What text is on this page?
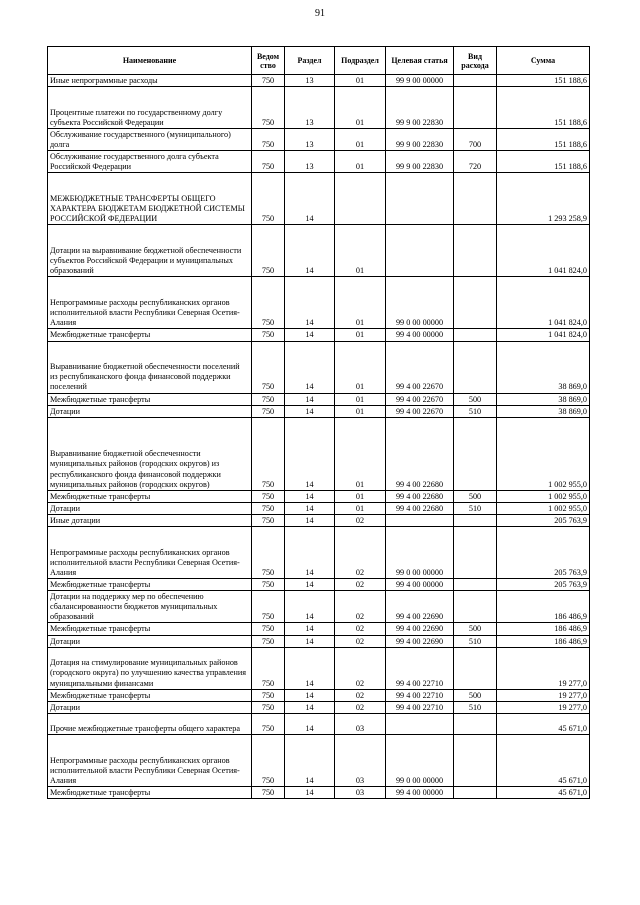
91
Наименование	Ведом ство	Раздел	Подраздел	Целевая статья	Вид расхода	Сумма
Иные непрограммные расходы	750	13	01	99 9 00 00000		151 188,6
Процентные платежи по государственному долгу субъекта Российской Федерации	750	13	01	99 9 00 22830		151 188,6
Обслуживание государственного (муниципального) долга	750	13	01	99 9 00 22830	700	151 188,6
Обслуживание государственного долга субъекта Российской Федерации	750	13	01	99 9 00 22830	720	151 188,6
МЕЖБЮДЖЕТНЫЕ ТРАНСФЕРТЫ ОБЩЕГО ХАРАКТЕРА БЮДЖЕТАМ БЮДЖЕТНОЙ СИСТЕМЫ РОССИЙСКОЙ ФЕДЕРАЦИИ	750	14				1 293 258,9
Дотации на выравнивание бюджетной обеспеченности субъектов Российской Федерации и муниципальных образований	750	14	01			1 041 824,0
Непрограммные расходы республиканских органов исполнительной власти Республики Северная Осетия-Алания	750	14	01	99 0 00 00000		1 041 824,0
Межбюджетные трансферты	750	14	01	99 4 00 00000		1 041 824,0
Выравнивание бюджетной обеспеченности поселений из республиканского фонда финансовой поддержки поселений	750	14	01	99 4 00 22670		38 869,0
Межбюджетные трансферты	750	14	01	99 4 00 22670	500	38 869,0
Дотации	750	14	01	99 4 00 22670	510	38 869,0
Выравнивание бюджетной обеспеченности муниципальных районов (городских округов) из республиканского фонда финансовой поддержки муниципальных районов (городских округов)	750	14	01	99 4 00 22680		1 002 955,0
Межбюджетные трансферты	750	14	01	99 4 00 22680	500	1 002 955,0
Дотации	750	14	01	99 4 00 22680	510	1 002 955,0
Иные дотации	750	14	02			205 763,9
Непрограммные расходы республиканских органов исполнительной власти Республики Северная Осетия-Алания	750	14	02	99 0 00 00000		205 763,9
Межбюджетные трансферты	750	14	02	99 4 00 00000		205 763,9
Дотации на поддержку мер по обеспечению сбалансированности бюджетов муниципальных образований	750	14	02	99 4 00 22690		186 486,9
Межбюджетные трансферты	750	14	02	99 4 00 22690	500	186 486,9
Дотации	750	14	02	99 4 00 22690	510	186 486,9
Дотация на стимулирование муниципальных районов (городского округа) по улучшению качества управления муниципальными финансами	750	14	02	99 4 00 22710		19 277,0
Межбюджетные трансферты	750	14	02	99 4 00 22710	500	19 277,0
Дотации	750	14	02	99 4 00 22710	510	19 277,0
Прочие межбюджетные трансферты общего характера	750	14	03			45 671,0
Непрограммные расходы республиканских органов исполнительной власти Республики Северная Осетия-Алания	750	14	03	99 0 00 00000		45 671,0
Межбюджетные трансферты	750	14	03	99 4 00 00000		45 671,0
